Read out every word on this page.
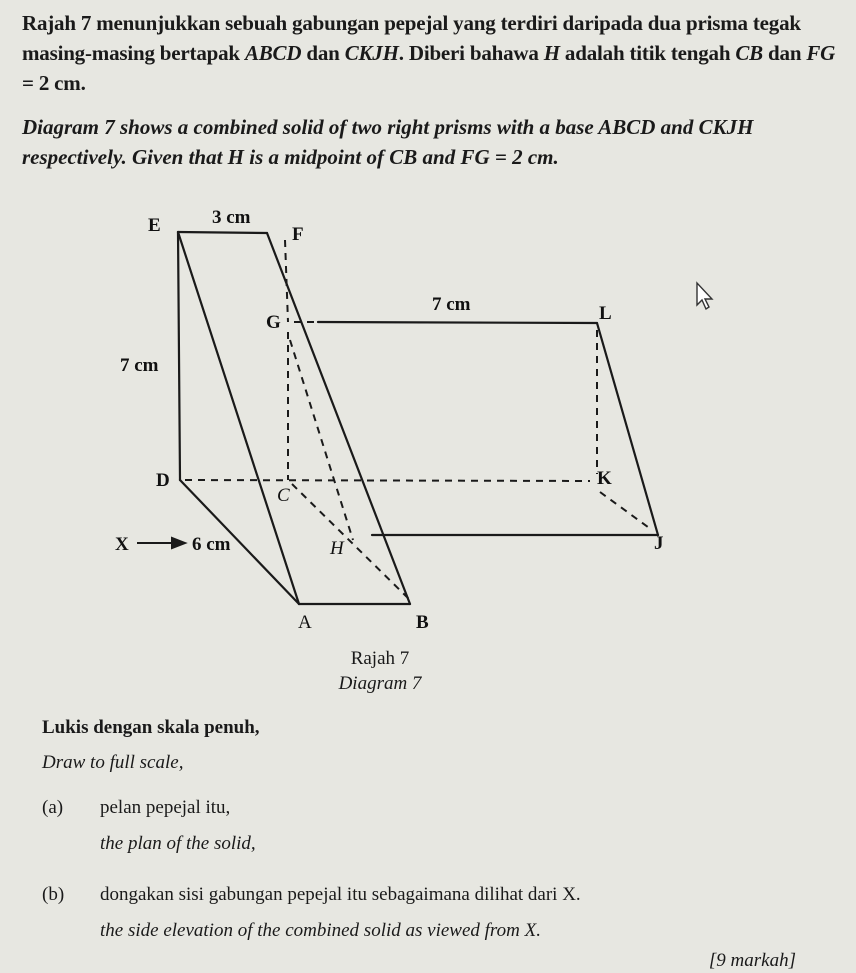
Rajah 7 menunjukkan sebuah gabungan pepejal yang terdiri daripada dua prisma tegak masing-masing bertapak ABCD dan CKJH. Diberi bahawa H adalah titik tengah CB dan FG = 2 cm.
Diagram 7 shows a combined solid of two right prisms with a base ABCD and CKJH respectively. Given that H is a midpoint of CB and FG = 2 cm.
E	F
G	L
D
C
K
H	J
A	B
3 cm
7 cm
7 cm
6 cm
X
Rajah 7
Diagram 7
Lukis dengan skala penuh,
Draw to full scale,
(a) pelan pepejal itu,
the plan of the solid,
(b) dongakan sisi gabungan pepejal itu sebagaimana dilihat dari X.
the side elevation of the combined solid as viewed from X.
[9 markah]
